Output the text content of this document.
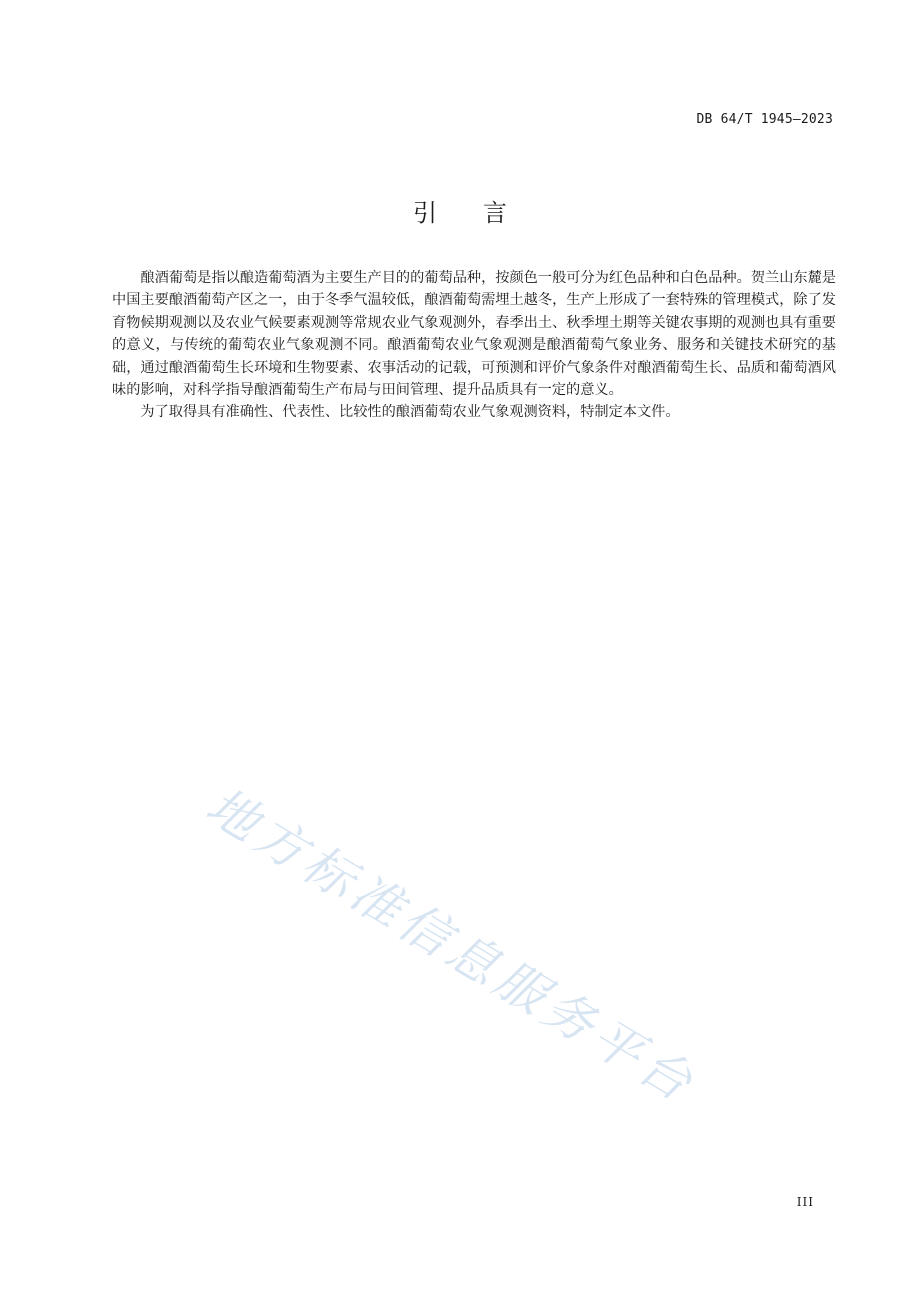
DB 64/T 1945—2023
引 言

酿酒葡萄是指以酿造葡萄酒为主要生产目的的葡萄品种，按颜色一般可分为红色品种和白色品种。贺兰山东麓是中国主要酿酒葡萄产区之一，由于冬季气温较低，酿酒葡萄需埋土越冬，生产上形成了一套特殊的管理模式，除了发育物候期观测以及农业气候要素观测等常规农业气象观测外，春季出土、秋季埋土期等关键农事期的观测也具有重要的意义，与传统的葡萄农业气象观测不同。酿酒葡萄农业气象观测是酿酒葡萄气象业务、服务和关键技术研究的基础，通过酿酒葡萄生长环境和生物要素、农事活动的记载，可预测和评价气象条件对酿酒葡萄生长、品质和葡萄酒风味的影响，对科学指导酿酒葡萄生产布局与田间管理、提升品质具有一定的意义。

为了取得具有准确性、代表性、比较性的酿酒葡萄农业气象观测资料，特制定本文件。

地方标准信息服务平台
III
